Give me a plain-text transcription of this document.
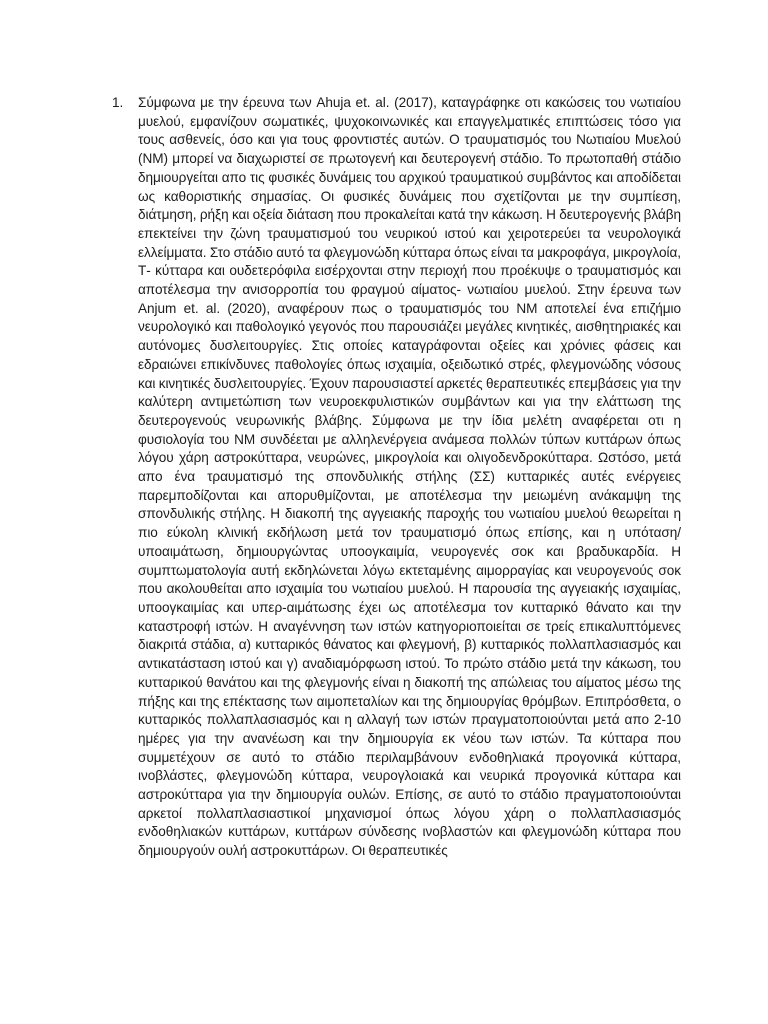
1. Σύμφωνα με την έρευνα των Ahuja et. al. (2017), καταγράφηκε οτι κακώσεις του νωτιαίου μυελού, εμφανίζουν σωματικές, ψυχοκοινωνικές και επαγγελματικές επιπτώσεις τόσο για τους ασθενείς, όσο και για τους φροντιστές αυτών. Ο τραυματισμός του Νωτιαίου Μυελού (ΝΜ) μπορεί να διαχωριστεί σε πρωτογενή και δευτερογενή στάδιο. Το πρωτοπαθή στάδιο δημιουργείται απο τις φυσικές δυνάμεις του αρχικού τραυματικού συμβάντος και αποδίδεται ως καθοριστικής σημασίας. Οι φυσικές δυνάμεις που σχετίζονται με την συμπίεση, διάτμηση, ρήξη και οξεία διάταση που προκαλείται κατά την κάκωση. Η δευτερογενής βλάβη επεκτείνει την ζώνη τραυματισμού του νευρικού ιστού και χειροτερεύει τα νευρολογικά ελλείμματα. Στο στάδιο αυτό τα φλεγμονώδη κύτταρα όπως είναι τα μακροφάγα, μικρογλοία, Τ- κύτταρα και ουδετερόφιλα εισέρχονται στην περιοχή που προέκυψε ο τραυματισμός και αποτέλεσμα την ανισορροπία του φραγμού αίματος- νωτιαίου μυελού. Στην έρευνα των Anjum et. al. (2020), αναφέρουν πως ο τραυματισμός του ΝΜ αποτελεί ένα επιζήμιο νευρολογικό και παθολογικό γεγονός που παρουσιάζει μεγάλες κινητικές, αισθητηριακές και αυτόνομες δυσλειτουργίες. Στις οποίες καταγράφονται οξείες και χρόνιες φάσεις και εδραιώνει επικίνδυνες παθολογίες όπως ισχαιμία, οξειδωτικό στρές, φλεγμονώδης νόσους και κινητικές δυσλειτουργίες. Έχουν παρουσιαστεί αρκετές θεραπευτικές επεμβάσεις για την καλύτερη αντιμετώπιση των νευροεκφυλιστικών συμβάντων και για την ελάττωση της δευτερογενούς νευρωνικής βλάβης. Σύμφωνα με την ίδια μελέτη αναφέρεται οτι η φυσιολογία του ΝΜ συνδέεται με αλληλενέργεια ανάμεσα πολλών τύπων κυττάρων όπως λόγου χάρη αστροκύτταρα, νευρώνες, μικρογλοία και ολιγοδενδροκύτταρα. Ωστόσο, μετά απο ένα τραυματισμό της σπονδυλικής στήλης (ΣΣ) κυτταρικές αυτές ενέργειες παρεμποδίζονται και απορυθμίζονται, με αποτέλεσμα την μειωμένη ανάκαμψη της σπονδυλικής στήλης. Η διακοπή της αγγειακής παροχής του νωτιαίου μυελού θεωρείται η πιο εύκολη κλινική εκδήλωση μετά τον τραυματισμό όπως επίσης, και η υπόταση/υποαιμάτωση, δημιουργώντας υποογκαιμία, νευρογενές σοκ και βραδυκαρδία. Η συμπτωματολογία αυτή εκδηλώνεται λόγω εκτεταμένης αιμορραγίας και νευρογενούς σοκ που ακολουθείται απο ισχαιμία του νωτιαίου μυελού. Η παρουσία της αγγειακής ισχαιμίας, υποογκαιμίας και υπερ-αιμάτωσης έχει ως αποτέλεσμα τον κυτταρικό θάνατο και την καταστροφή ιστών. Η αναγέννηση των ιστών κατηγοριοποιείται σε τρείς επικαλυπτόμενες διακριτά στάδια, α) κυτταρικός θάνατος και φλεγμονή, β) κυτταρικός πολλαπλασιασμός και αντικατάσταση ιστού και γ) αναδιαμόρφωση ιστού. Το πρώτο στάδιο μετά την κάκωση, του κυτταρικού θανάτου και της φλεγμονής είναι η διακοπή της απώλειας του αίματος μέσω της πήξης και της επέκτασης των αιμοπεταλίων και της δημιουργίας θρόμβων. Επιπρόσθετα, ο κυτταρικός πολλαπλασιασμός και η αλλαγή των ιστών πραγματοποιούνται μετά απο 2-10 ημέρες για την ανανέωση και την δημιουργία εκ νέου των ιστών. Τα κύτταρα που συμμετέχουν σε αυτό το στάδιο περιλαμβάνουν ενδοθηλιακά προγονικά κύτταρα, ινοβλάστες, φλεγμονώδη κύτταρα, νευρογλοιακά και νευρικά προγονικά κύτταρα και αστροκύτταρα για την δημιουργία ουλών. Επίσης, σε αυτό το στάδιο πραγματοποιούνται αρκετοί πολλαπλασιαστικοί μηχανισμοί όπως λόγου χάρη ο πολλαπλασιασμός ενδοθηλιακών κυττάρων, κυττάρων σύνδεσης ινοβλαστών και φλεγμονώδη κύτταρα που δημιουργούν ουλή αστροκυττάρων. Οι θεραπευτικές
